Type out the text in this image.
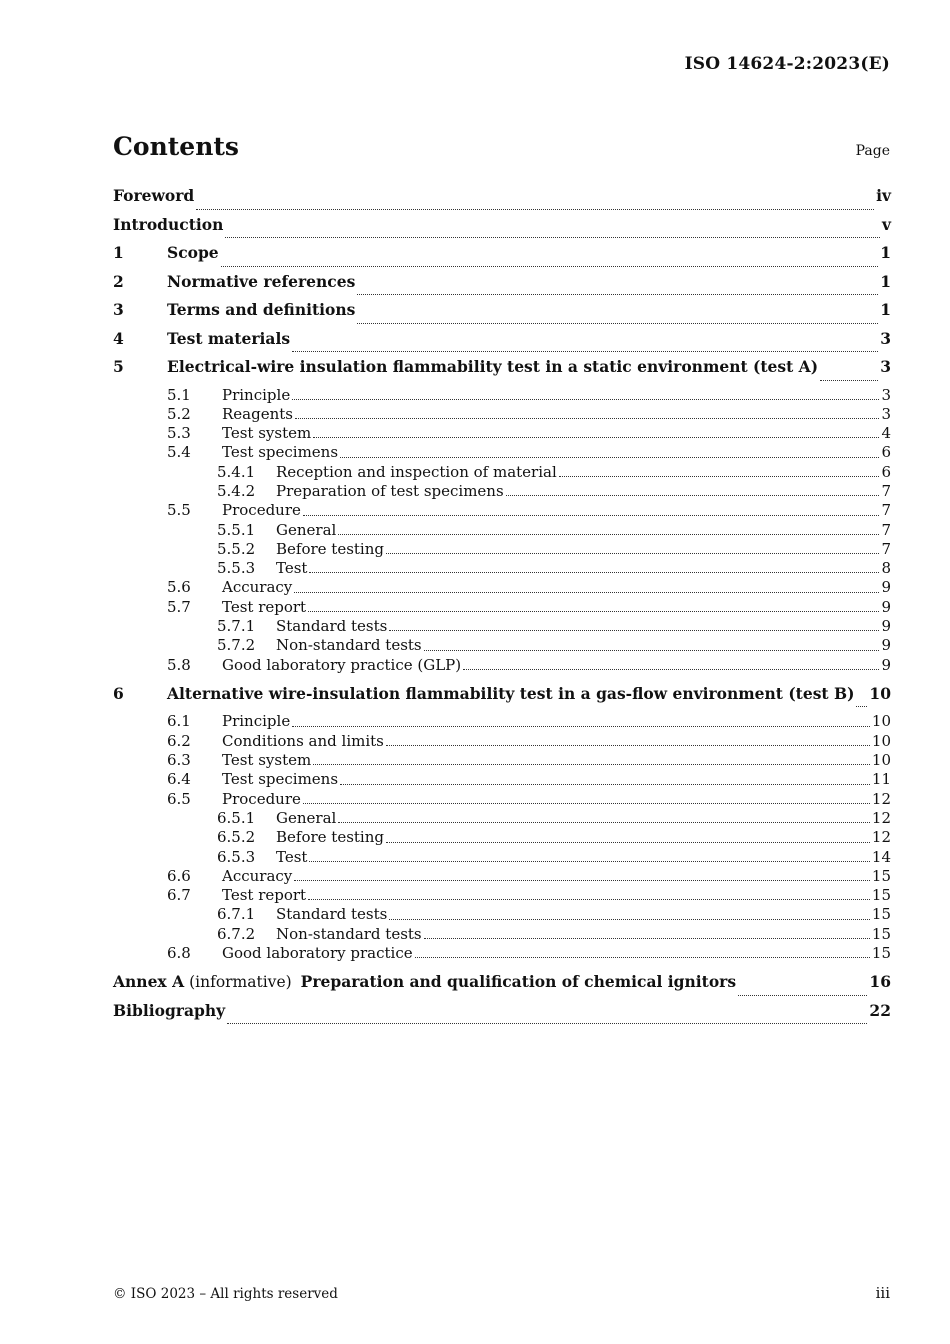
ISO 14624-2:2023(E)
Contents	Page
Foreword	iv
Introduction	v
1	Scope	1
2	Normative references	1
3	Terms and definitions	1
4	Test materials	3
5	Electrical-wire insulation flammability test in a static environment (test A)	3
5.1	Principle	3
5.2	Reagents	3
5.3	Test system	4
5.4	Test specimens	6
5.4.1	Reception and inspection of material	6
5.4.2	Preparation of test specimens	7
5.5	Procedure	7
5.5.1	General	7
5.5.2	Before testing	7
5.5.3	Test	8
5.6	Accuracy	9
5.7	Test report	9
5.7.1	Standard tests	9
5.7.2	Non-standard tests	9
5.8	Good laboratory practice (GLP)	9
6	Alternative wire-insulation flammability test in a gas-flow environment (test B) 10
6.1	Principle	10
6.2	Conditions and limits	10
6.3	Test system	10
6.4	Test specimens	11
6.5	Procedure	12
6.5.1	General	12
6.5.2	Before testing	12
6.5.3	Test	14
6.6	Accuracy	15
6.7	Test report	15
6.7.1	Standard tests	15
6.7.2	Non-standard tests	15
6.8	Good laboratory practice	15
Annex A (informative) Preparation and qualification of chemical ignitors	16
Bibliography	22
© ISO 2023 – All rights reserved	iii
